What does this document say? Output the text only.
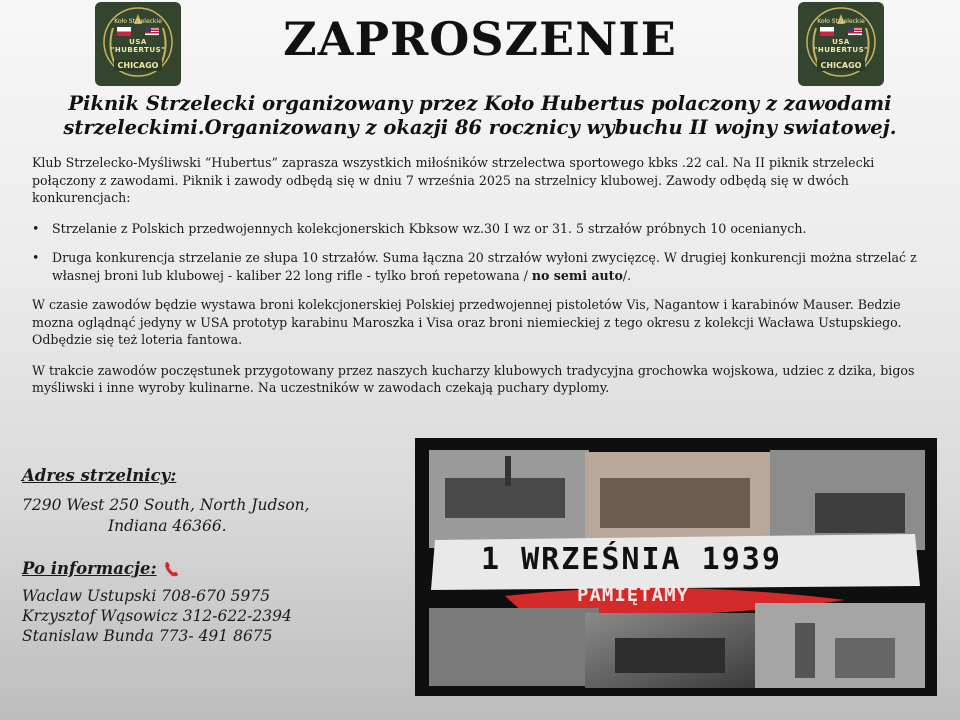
Koło Strzeleckie
USA
"HUBERTUS"
CHICAGO
Koło Strzeleckie
USA
"HUBERTUS"
CHICAGO
ZAPROSZENIE
Piknik Strzelecki organizowany przez Koło Hubertus polaczony z zawodami
strzeleckimi.Organizowany z okazji 86 rocznicy wybuchu II wojny swiatowej.

Klub Strzelecko-Myśliwski “Hubertus” zaprasza wszystkich miłośników strzelectwa sportowego kbks .22 cal. Na II piknik strzelecki połączony z zawodami. Piknik i zawody odbędą się w dniu 7 września 2025 na strzelnicy klubowej. Zawody odbędą się w dwóch konkurencjach:

• Strzelanie z Polskich przedwojennych kolekcjonerskich Kbksow wz.30 I wz or 31. 5 strzałów próbnych 10 ocenianych.
• Druga konkurencja strzelanie ze słupa 10 strzałów. Suma łączna 20 strzałów wyłoni zwycięzcę. W drugiej konkurencji można strzelać z własnej broni lub klubowej - kaliber 22 long rifle - tylko broń repetowana / no semi auto/.

W czasie zawodów będzie wystawa broni kolekcjonerskiej Polskiej przedwojennej pistoletów Vis, Nagantow i karabinów Mauser. Bedzie mozna oglądnąć jedyny w USA prototyp karabinu Maroszka i Visa oraz broni niemieckiej z tego okresu z kolekcji Wacława Ustupskiego. Odbędzie się też loteria fantowa.

W trakcie zawodów poczęstunek przygotowany przez naszych kucharzy klubowych tradycyjna grochowka wojskowa, udziec z dzika, bigos myśliwski i inne wyroby kulinarne. Na uczestników w zawodach czekają puchary dyplomy.

Adres strzelnicy:
7290 West 250 South, North Judson,
Indiana 46366.
Po informacje:
Waclaw Ustupski 708-670 5975
Krzysztof Wąsowicz 312-622-2394
Stanislaw Bunda 773- 491 8675
1 WRZEŚNIA 1939
PAMIĘTAMY
